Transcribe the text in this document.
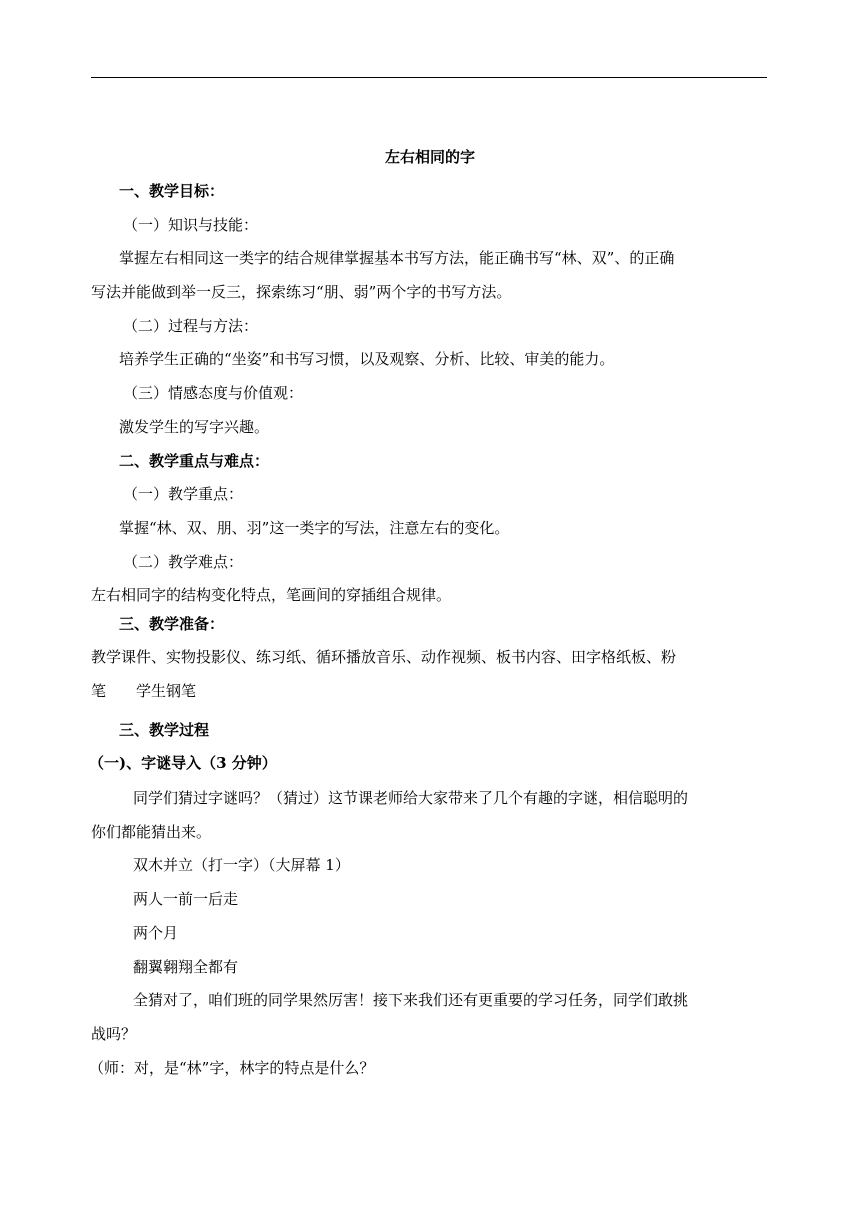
左右相同的字
一、教学目标：
（一）知识与技能：
掌握左右相同这一类字的结合规律掌握基本书写方法，能正确书写“林、双”、的正确
写法并能做到举一反三，探索练习“朋、弱”两个字的书写方法。
（二）过程与方法：
培养学生正确的“坐姿”和书写习惯，以及观察、分析、比较、审美的能力。
（三）情感态度与价值观：
激发学生的写字兴趣。
二、教学重点与难点：
（一）教学重点：
掌握“林、双、朋、羽”这一类字的写法，注意左右的变化。
（二）教学难点：
左右相同字的结构变化特点，笔画间的穿插组合规律。
三、教学准备：
教学课件、实物投影仪、练习纸、循环播放音乐、动作视频、板书内容、田字格纸板、粉
笔　　学生钢笔
三、教学过程
（一)、字谜导入（3 分钟）
同学们猜过字谜吗？（猜过）这节课老师给大家带来了几个有趣的字谜，相信聪明的
你们都能猜出来。
双木并立（打一字）（大屏幕 1）
两人一前一后走
两个月
翻翼翱翔全都有
全猜对了，咱们班的同学果然厉害！接下来我们还有更重要的学习任务，同学们敢挑
战吗？
（师：对，是“林”字，林字的特点是什么？
